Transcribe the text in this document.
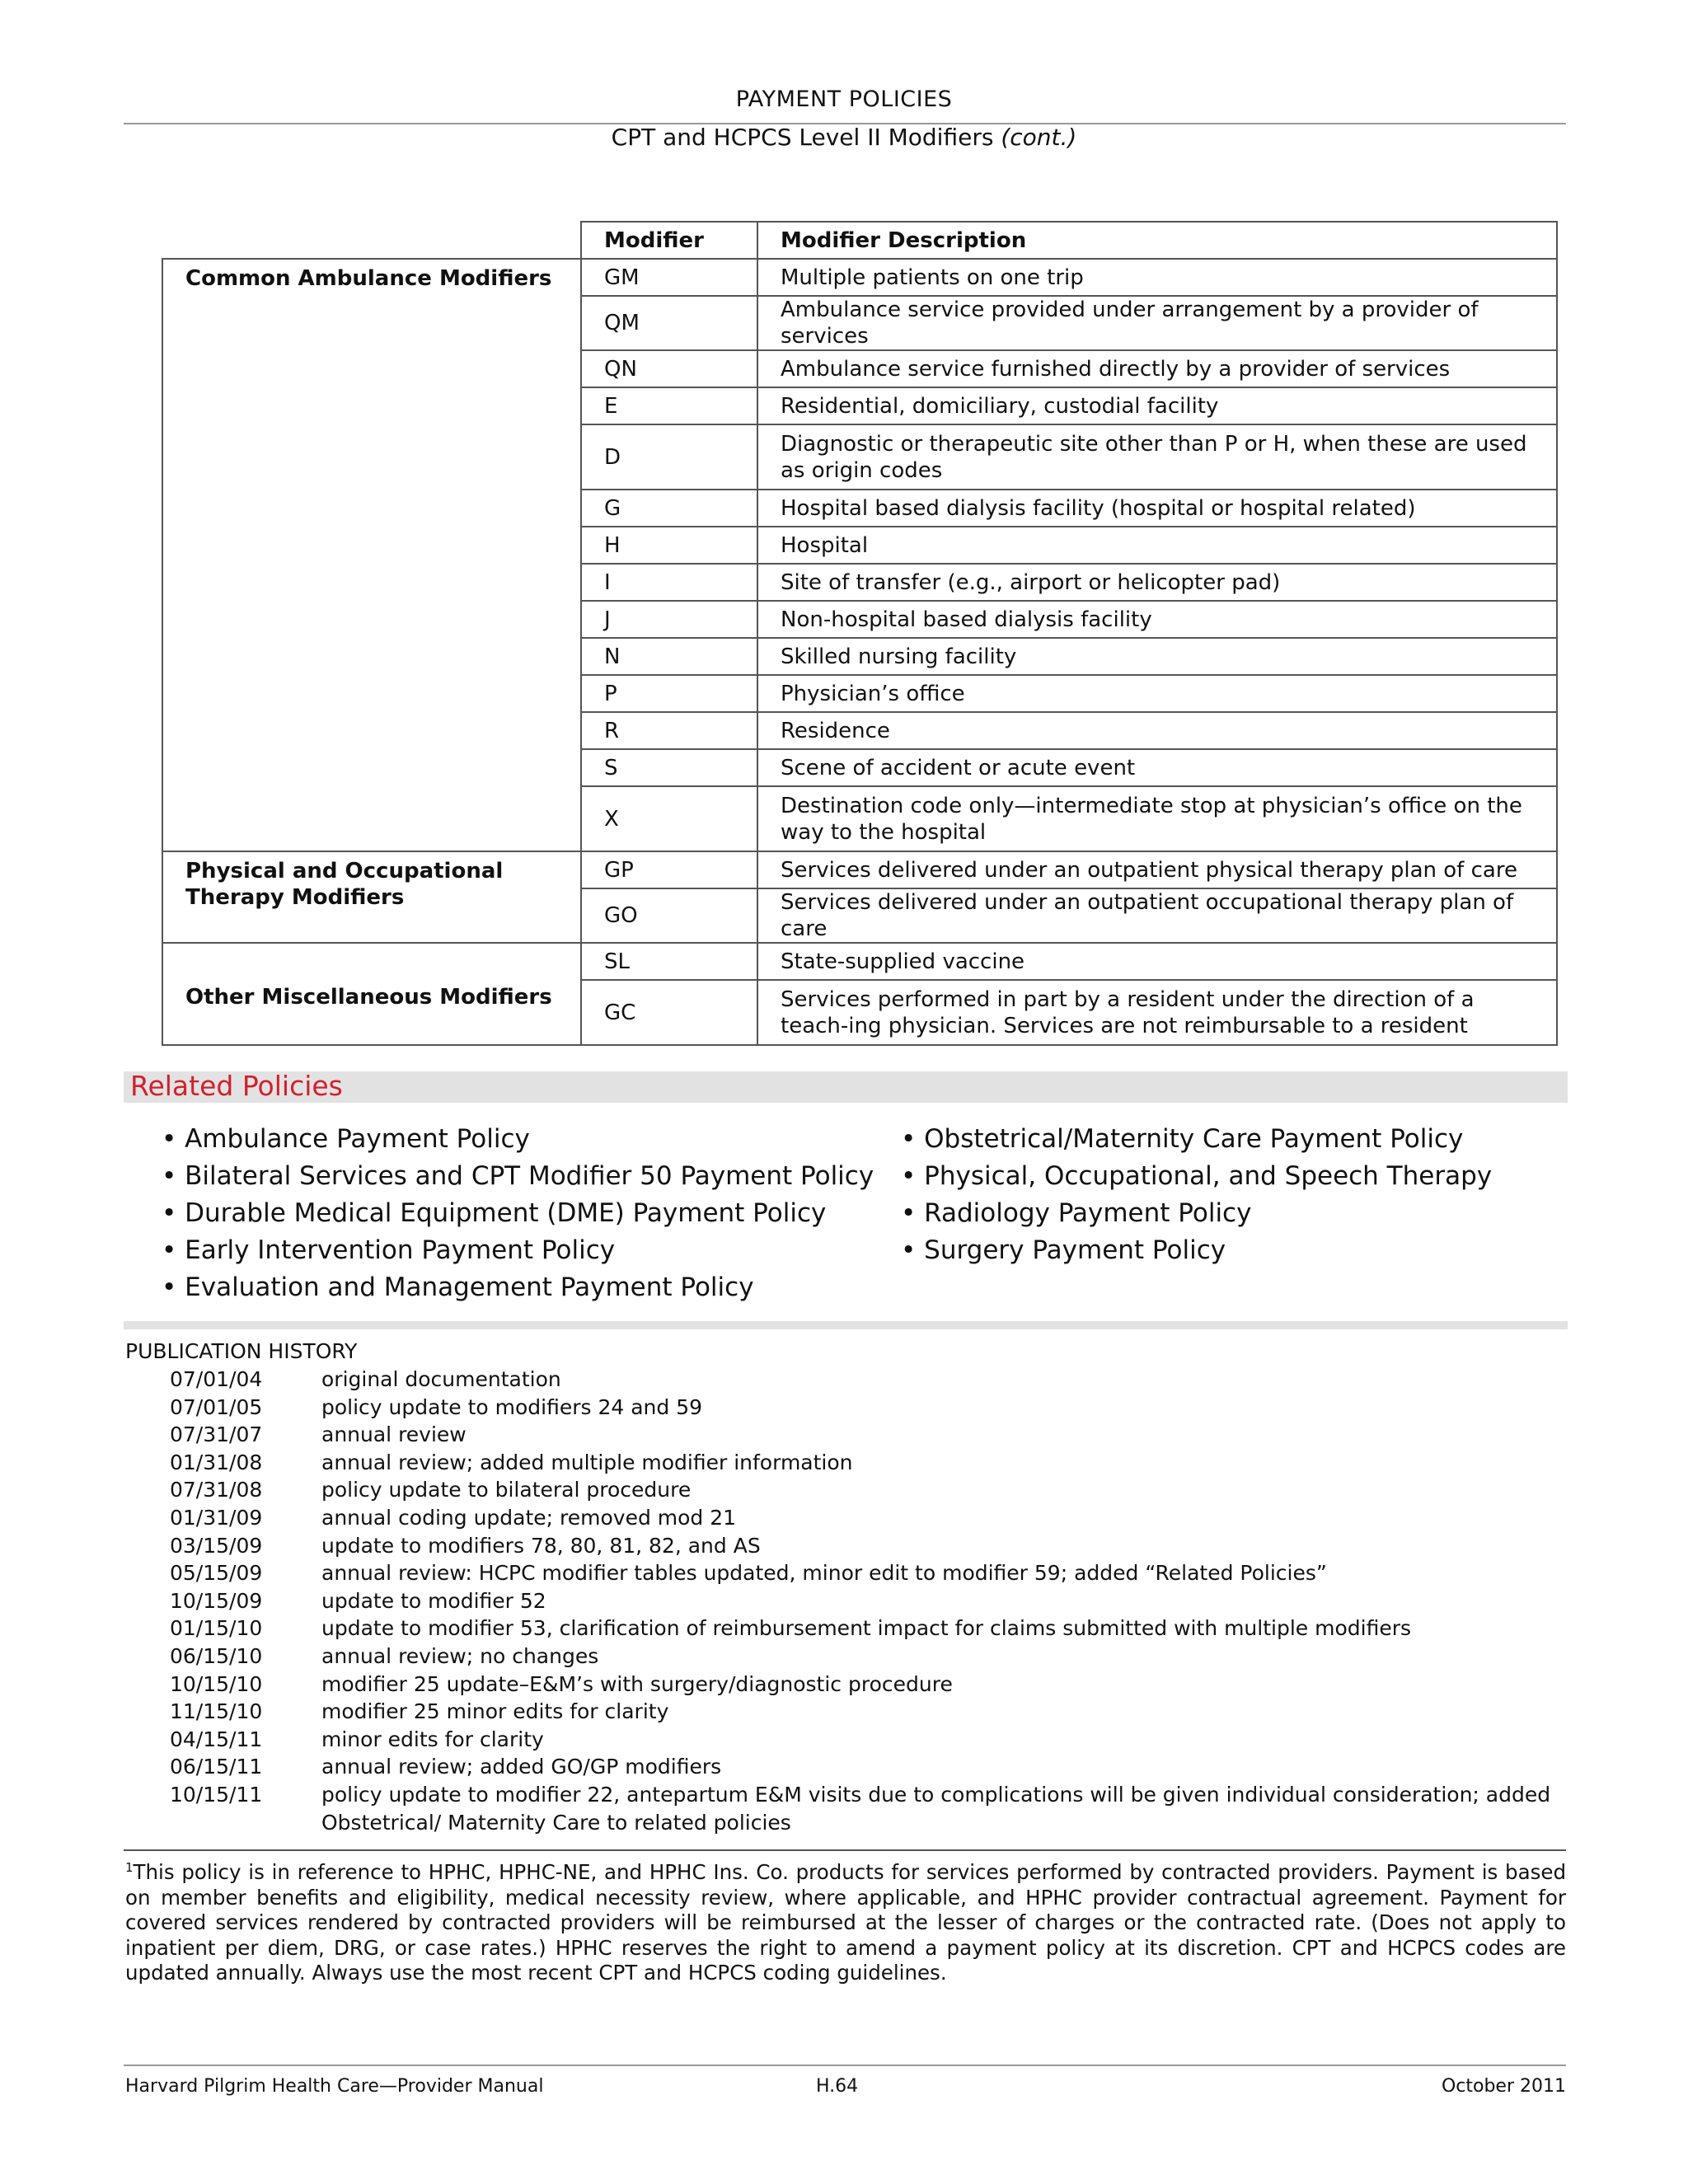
PAYMENT POLICIES
CPT and HCPCS Level II Modifiers (cont.)
	Modifier	Modifier Description
Common Ambulance Modifiers	GM	Multiple patients on one trip
	QM	Ambulance service provided under arrangement by a provider of services
	QN	Ambulance service furnished directly by a provider of services
	E	Residential, domiciliary, custodial facility
	D	Diagnostic or therapeutic site other than P or H, when these are used as origin codes
	G	Hospital based dialysis facility (hospital or hospital related)
	H	Hospital
	I	Site of transfer (e.g., airport or helicopter pad)
	J	Non-hospital based dialysis facility
	N	Skilled nursing facility
	P	Physician’s office
	R	Residence
	S	Scene of accident or acute event
	X	Destination code only—intermediate stop at physician’s office on the way to the hospital
Physical and Occupational Therapy Modifiers	GP	Services delivered under an outpatient physical therapy plan of care
	GO	Services delivered under an outpatient occupational therapy plan of care
Other Miscellaneous Modifiers	SL	State-supplied vaccine
	GC	Services performed in part by a resident under the direction of a teach-ing physician. Services are not reimbursable to a resident
Related Policies
• Ambulance Payment Policy
• Bilateral Services and CPT Modifier 50 Payment Policy
• Durable Medical Equipment (DME) Payment Policy
• Early Intervention Payment Policy
• Evaluation and Management Payment Policy
• Obstetrical/Maternity Care Payment Policy
• Physical, Occupational, and Speech Therapy
• Radiology Payment Policy
• Surgery Payment Policy
PUBLICATION HISTORY
07/01/04	original documentation
07/01/05	policy update to modifiers 24 and 59
07/31/07	annual review
01/31/08	annual review; added multiple modifier information
07/31/08	policy update to bilateral procedure
01/31/09	annual coding update; removed mod 21
03/15/09	update to modifiers 78, 80, 81, 82, and AS
05/15/09	annual review: HCPC modifier tables updated, minor edit to modifier 59; added “Related Policies”
10/15/09	update to modifier 52
01/15/10	update to modifier 53, clarification of reimbursement impact for claims submitted with multiple modifiers
06/15/10	annual review; no changes
10/15/10	modifier 25 update–E&M’s with surgery/diagnostic procedure
11/15/10	modifier 25 minor edits for clarity
04/15/11	minor edits for clarity
06/15/11	annual review; added GO/GP modifiers
10/15/11	policy update to modifier 22, antepartum E&M visits due to complications will be given individual consideration; added Obstetrical/ Maternity Care to related policies
$^1$This policy is in reference to HPHC, HPHC-NE, and HPHC Ins. Co. products for services performed by contracted providers. Payment is based on member benefits and eligibility, medical necessity review, where applicable, and HPHC provider contractual agreement. Payment for covered services rendered by contracted providers will be reimbursed at the lesser of charges or the contracted rate. (Does not apply to inpatient per diem, DRG, or case rates.) HPHC reserves the right to amend a payment policy at its discretion. CPT and HCPCS codes are updated annually. Always use the most recent CPT and HCPCS coding guidelines.
Harvard Pilgrim Health Care—Provider Manual	H.64	October 2011
